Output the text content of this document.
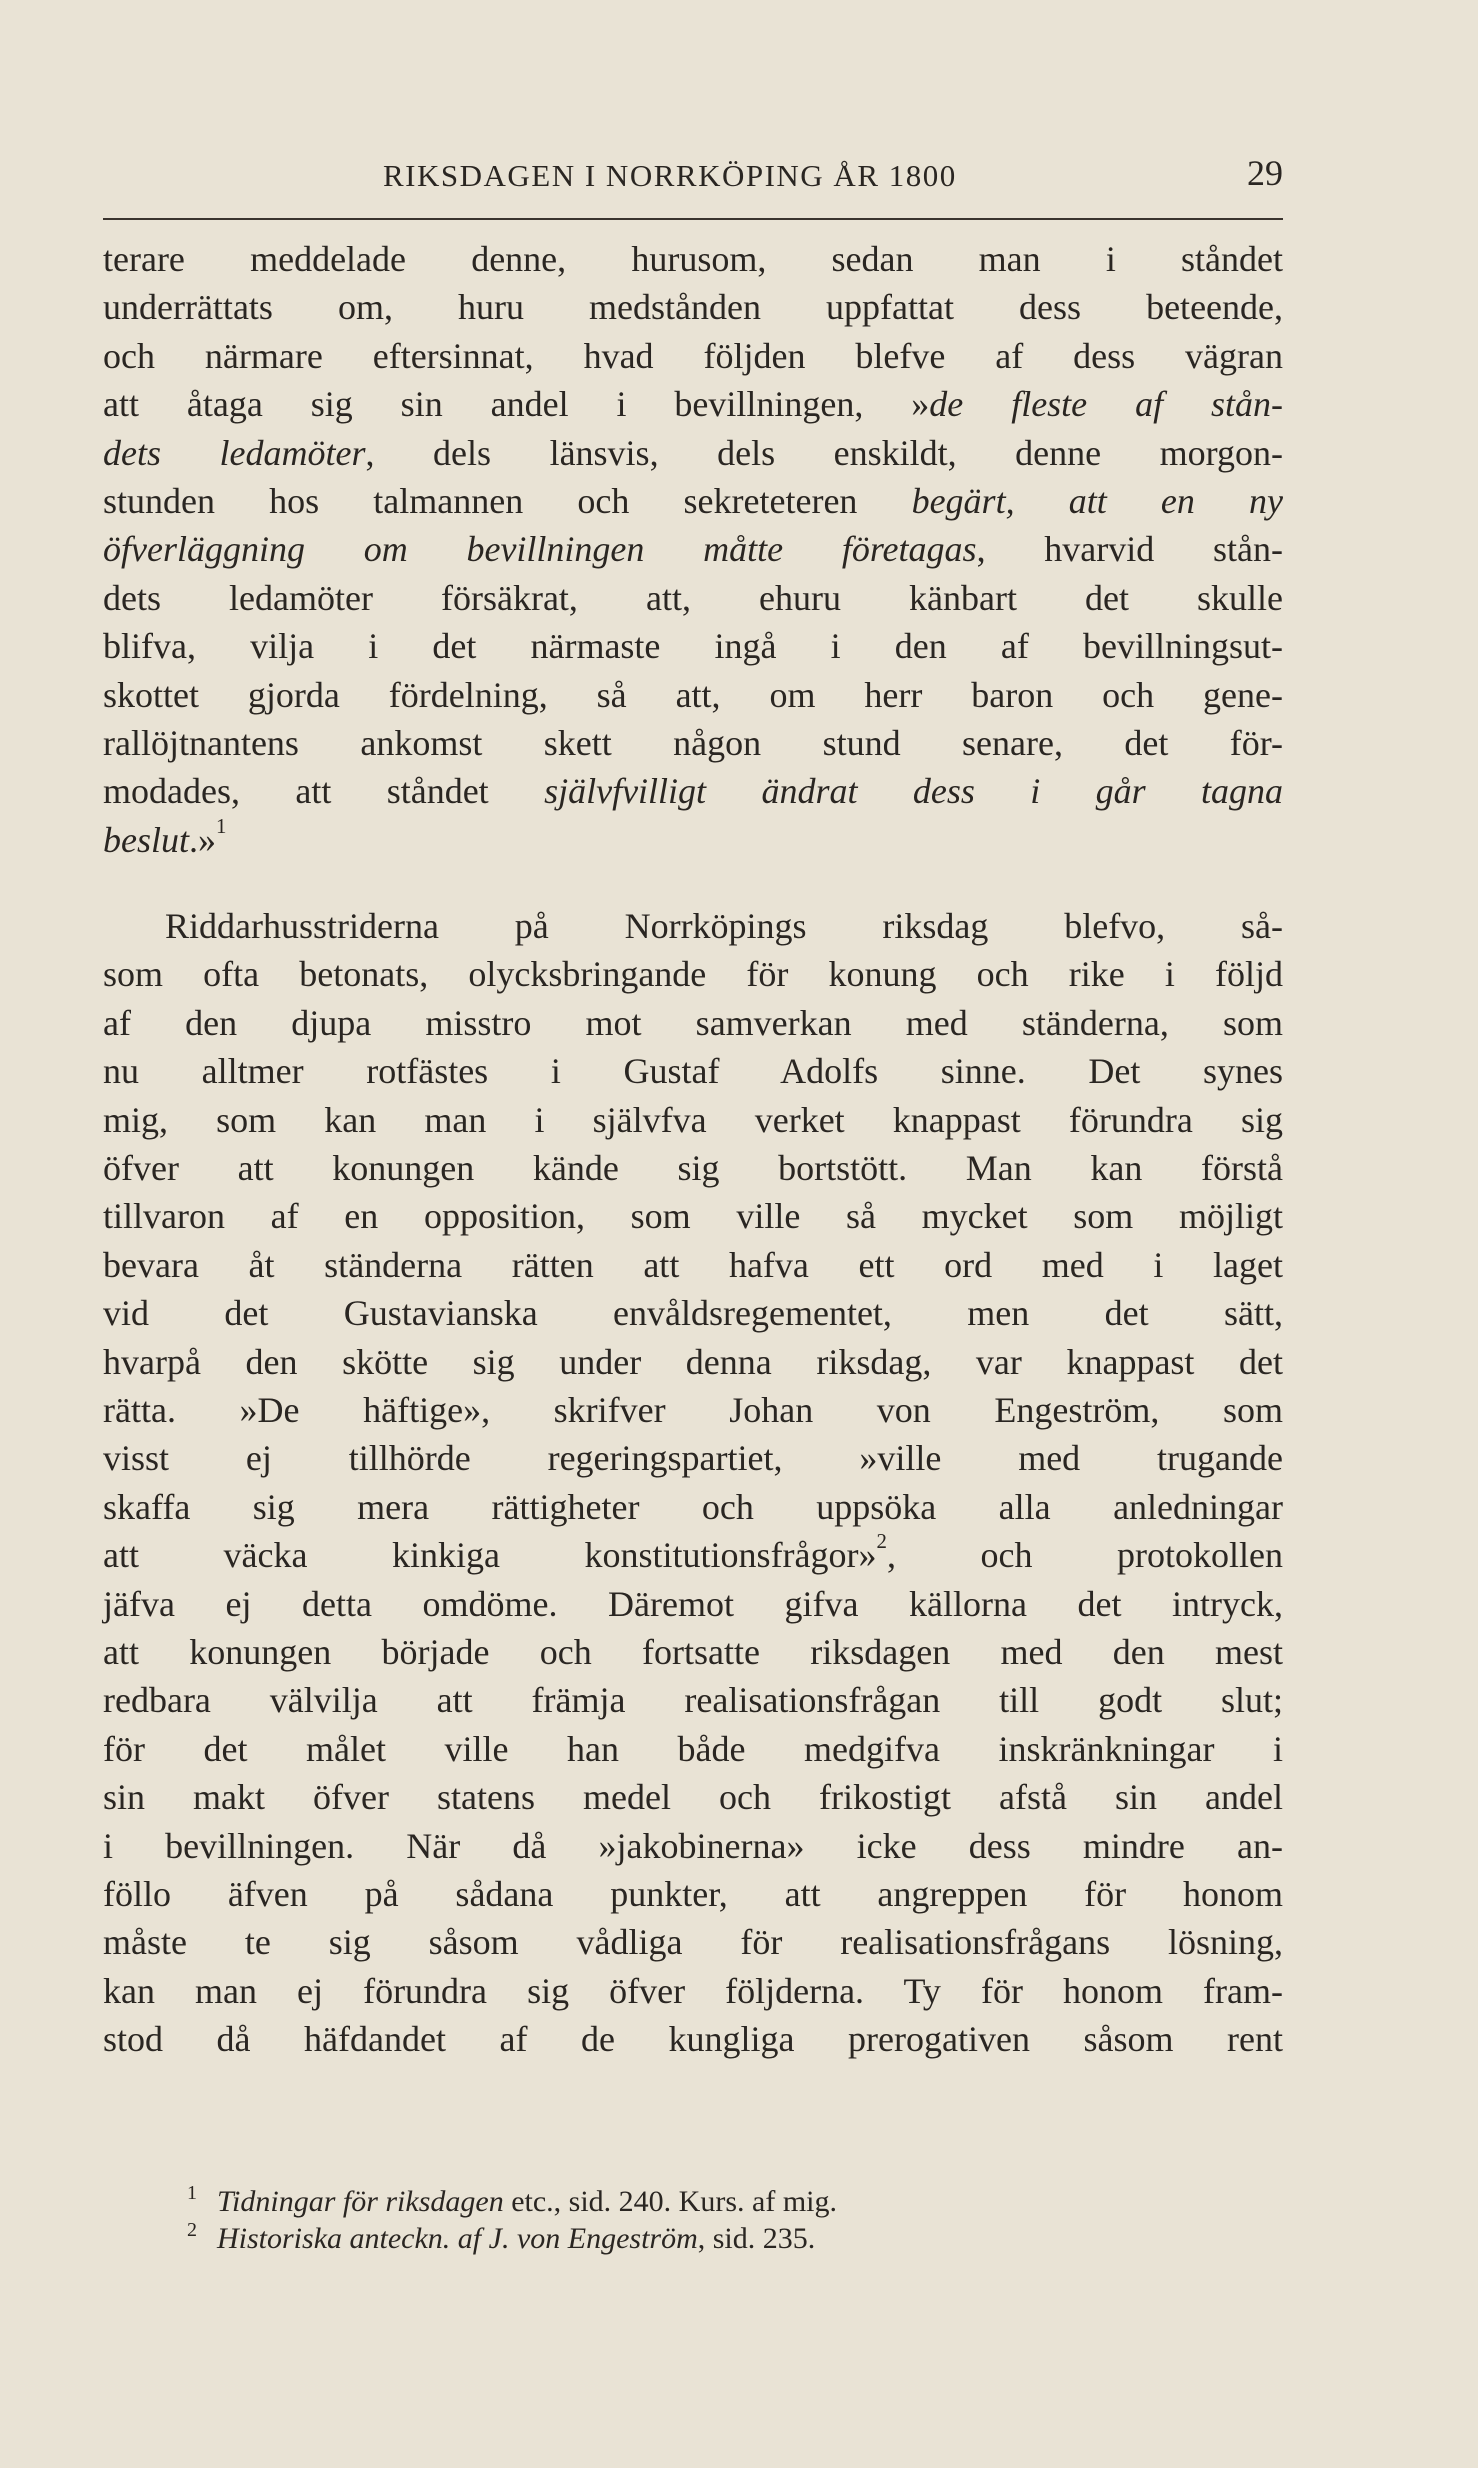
RIKSDAGEN I NORRKÖPING ÅR 1800	29
terare meddelade denne, hurusom, sedan man i ståndet
underrättats om, huru medstånden uppfattat dess beteende,
och närmare eftersinnat, hvad följden blefve af dess vägran
att åtaga sig sin andel i bevillningen, »de fleste af stån-
dets ledamöter, dels länsvis, dels enskildt, denne morgon-
stunden hos talmannen och sekreteteren begärt, att en ny
öfverläggning om bevillningen måtte företagas, hvarvid stån-
dets ledamöter försäkrat, att, ehuru känbart det skulle
blifva, vilja i det närmaste ingå i den af bevillningsut-
skottet gjorda fördelning, så att, om herr baron och gene-
rallöjtnantens ankomst skett någon stund senare, det för-
modades, att ståndet självfvilligt ändrat dess i går tagna
beslut.»$^1$
Riddarhusstriderna på Norrköpings riksdag blefvo, så-
som ofta betonats, olycksbringande för konung och rike i följd
af den djupa misstro mot samverkan med ständerna, som
nu alltmer rotfästes i Gustaf Adolfs sinne. Det synes
mig, som kan man i självfva verket knappast förundra sig
öfver att konungen kände sig bortstött. Man kan förstå
tillvaron af en opposition, som ville så mycket som möjligt
bevara åt ständerna rätten att hafva ett ord med i laget
vid det Gustavianska envåldsregementet, men det sätt,
hvarpå den skötte sig under denna riksdag, var knappast det
rätta. »De häftige», skrifver Johan von Engeström, som
visst ej tillhörde regeringspartiet, »ville med trugande
skaffa sig mera rättigheter och uppsöka alla anledningar
att väcka kinkiga konstitutionsfrågor»$^2$, och protokollen
jäfva ej detta omdöme. Däremot gifva källorna det intryck,
att konungen började och fortsatte riksdagen med den mest
redbara välvilja att främja realisationsfrågan till godt slut;
för det målet ville han både medgifva inskränkningar i
sin makt öfver statens medel och frikostigt afstå sin andel
i bevillningen. När då »jakobinerna» icke dess mindre an-
föllo äfven på sådana punkter, att angreppen för honom
måste te sig såsom vådliga för realisationsfrågans lösning,
kan man ej förundra sig öfver följderna. Ty för honom fram-
stod då häfdandet af de kungliga prerogativen såsom rent
1 Tidningar för riksdagen etc., sid. 240. Kurs. af mig.
2 Historiska anteckn. af J. von Engeström, sid. 235.
